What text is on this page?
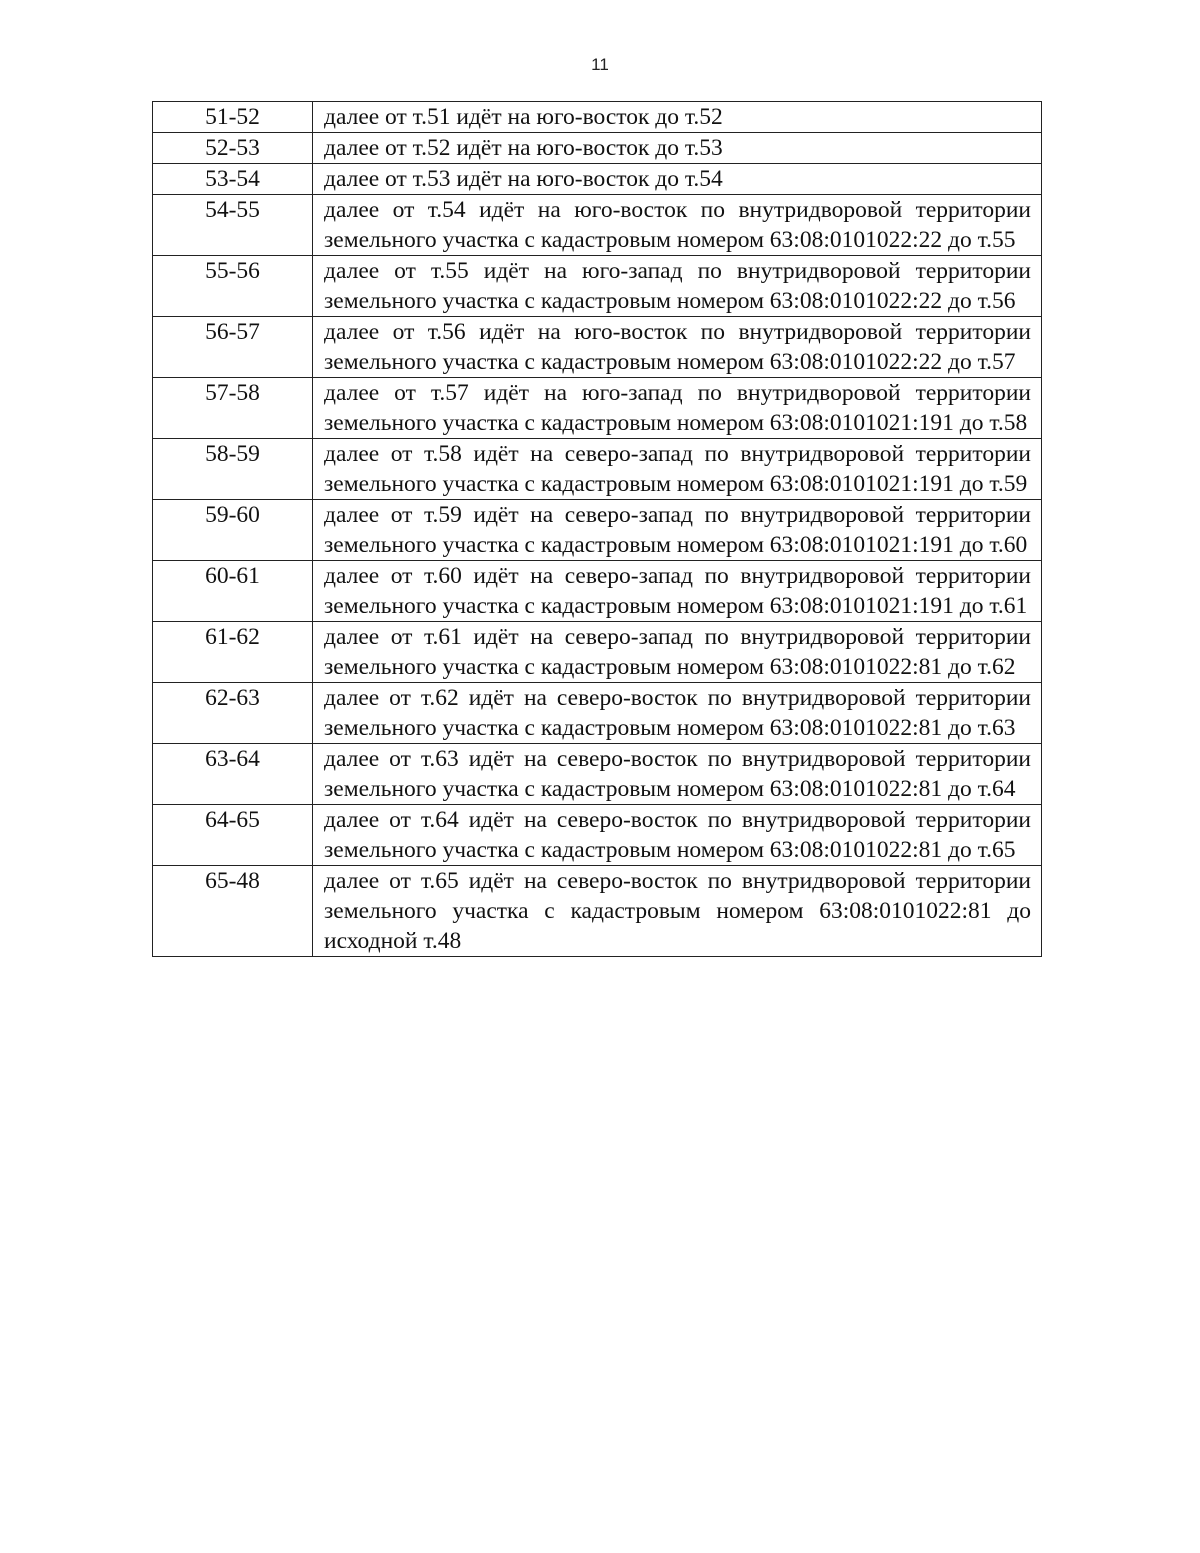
11
51-52	далее от т.51 идёт на юго-восток до т.52
52-53	далее от т.52 идёт на юго-восток до т.53
53-54	далее от т.53 идёт на юго-восток до т.54
54-55	далее от т.54 идёт на юго-восток по внутридворовой территории земельного участка с кадастровым номером 63:08:0101022:22 до т.55
55-56	далее от т.55 идёт на юго-запад по внутридворовой территории земельного участка с кадастровым номером 63:08:0101022:22 до т.56
56-57	далее от т.56 идёт на юго-восток по внутридворовой территории земельного участка с кадастровым номером 63:08:0101022:22 до т.57
57-58	далее от т.57 идёт на юго-запад по внутридворовой территории земельного участка с кадастровым номером 63:08:0101021:191 до т.58
58-59	далее от т.58 идёт на северо-запад по внутридворовой территории земельного участка с кадастровым номером 63:08:0101021:191 до т.59
59-60	далее от т.59 идёт на северо-запад по внутридворовой территории земельного участка с кадастровым номером 63:08:0101021:191 до т.60
60-61	далее от т.60 идёт на северо-запад по внутридворовой территории земельного участка с кадастровым номером 63:08:0101021:191 до т.61
61-62	далее от т.61 идёт на северо-запад по внутридворовой территории земельного участка с кадастровым номером 63:08:0101022:81 до т.62
62-63	далее от т.62 идёт на северо-восток по внутридворовой территории земельного участка с кадастровым номером 63:08:0101022:81 до т.63
63-64	далее от т.63 идёт на северо-восток по внутридворовой территории земельного участка с кадастровым номером 63:08:0101022:81 до т.64
64-65	далее от т.64 идёт на северо-восток по внутридворовой территории земельного участка с кадастровым номером 63:08:0101022:81 до т.65
65-48	далее от т.65 идёт на северо-восток по внутридворовой территории земельного участка с кадастровым номером 63:08:0101022:81 до исходной т.48
